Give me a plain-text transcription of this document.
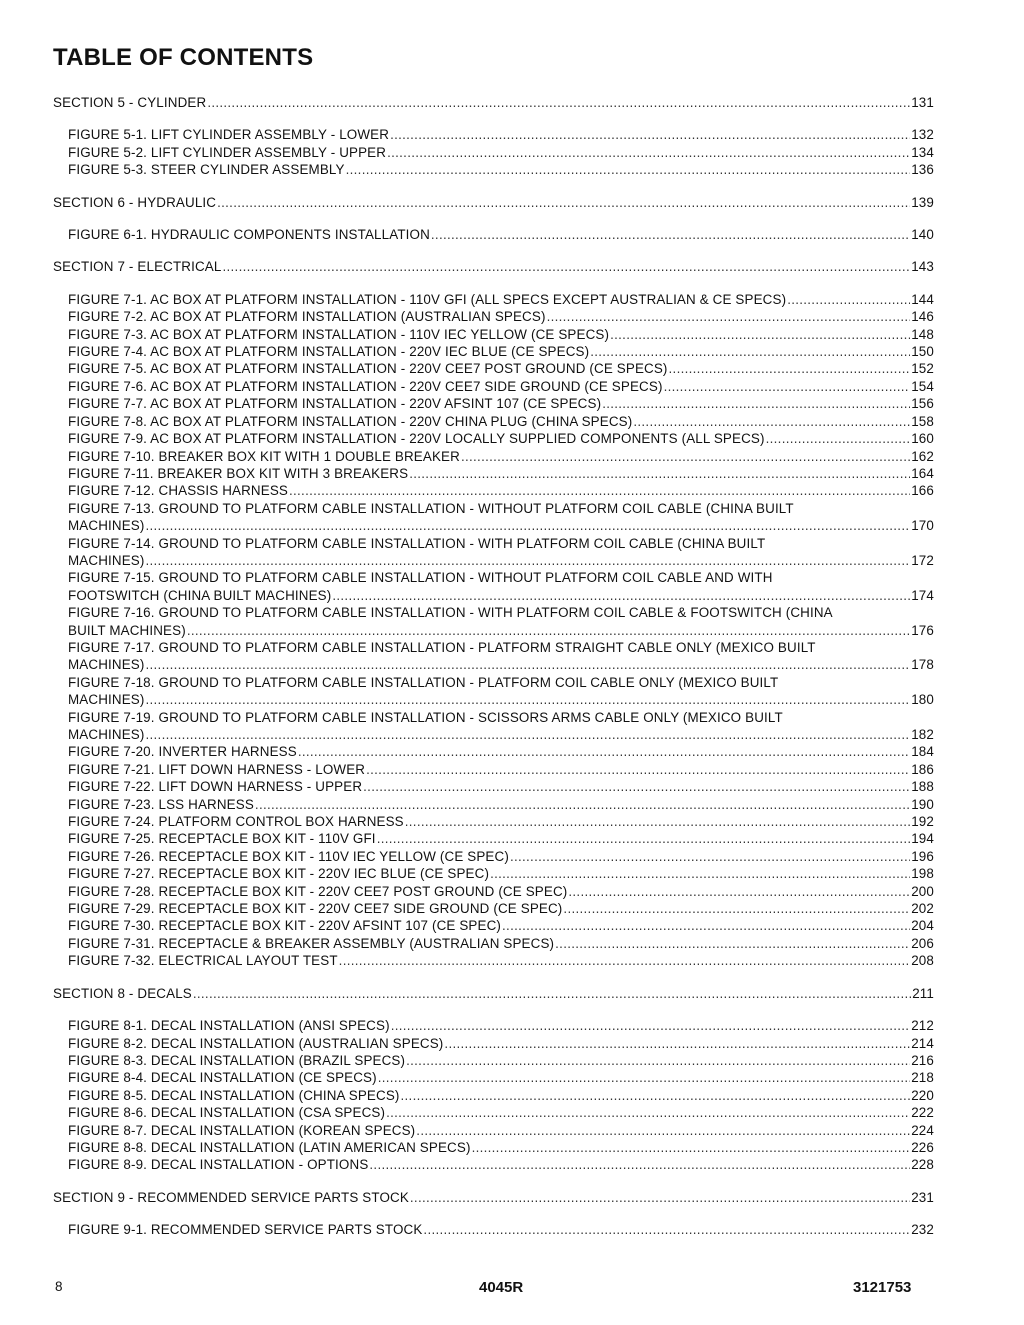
TABLE OF CONTENTS
SECTION 5 - CYLINDER .....	131
FIGURE 5-1. LIFT CYLINDER ASSEMBLY - LOWER .....	132
FIGURE 5-2. LIFT CYLINDER ASSEMBLY - UPPER .....	134
FIGURE 5-3. STEER CYLINDER ASSEMBLY .....	136
SECTION 6 - HYDRAULIC .....	139
FIGURE 6-1. HYDRAULIC COMPONENTS INSTALLATION .....	140
SECTION 7 - ELECTRICAL .....	143
FIGURE 7-1. AC BOX AT PLATFORM INSTALLATION - 110V GFI (ALL SPECS EXCEPT AUSTRALIAN & CE SPECS) .....	144
FIGURE 7-2. AC BOX AT PLATFORM INSTALLATION (AUSTRALIAN SPECS) .....	146
FIGURE 7-3. AC BOX AT PLATFORM INSTALLATION - 110V IEC YELLOW (CE SPECS) .....	148
FIGURE 7-4. AC BOX AT PLATFORM INSTALLATION - 220V IEC BLUE (CE SPECS) .....	150
FIGURE 7-5. AC BOX AT PLATFORM INSTALLATION - 220V CEE7 POST GROUND (CE SPECS) .....	152
FIGURE 7-6. AC BOX AT PLATFORM INSTALLATION - 220V CEE7 SIDE GROUND (CE SPECS) .....	154
FIGURE 7-7. AC BOX AT PLATFORM INSTALLATION - 220V AFSINT 107 (CE SPECS) .....	156
FIGURE 7-8. AC BOX AT PLATFORM INSTALLATION - 220V CHINA PLUG (CHINA SPECS) .....	158
FIGURE 7-9. AC BOX AT PLATFORM INSTALLATION - 220V LOCALLY SUPPLIED COMPONENTS (ALL SPECS) .....	160
FIGURE 7-10. BREAKER BOX KIT WITH 1 DOUBLE BREAKER .....	162
FIGURE 7-11. BREAKER BOX KIT WITH 3 BREAKERS .....	164
FIGURE 7-12. CHASSIS HARNESS .....	166
FIGURE 7-13. GROUND TO PLATFORM CABLE INSTALLATION - WITHOUT PLATFORM COIL CABLE (CHINA BUILT
MACHINES) .....	170
FIGURE 7-14. GROUND TO PLATFORM CABLE INSTALLATION - WITH PLATFORM COIL CABLE (CHINA BUILT
MACHINES) .....	172
FIGURE 7-15. GROUND TO PLATFORM CABLE INSTALLATION - WITHOUT PLATFORM COIL CABLE AND WITH
FOOTSWITCH (CHINA BUILT MACHINES) .....	174
FIGURE 7-16. GROUND TO PLATFORM CABLE INSTALLATION - WITH PLATFORM COIL CABLE & FOOTSWITCH (CHINA
BUILT MACHINES) .....	176
FIGURE 7-17. GROUND TO PLATFORM CABLE INSTALLATION - PLATFORM STRAIGHT CABLE ONLY (MEXICO BUILT
MACHINES) .....	178
FIGURE 7-18. GROUND TO PLATFORM CABLE INSTALLATION - PLATFORM COIL CABLE ONLY (MEXICO BUILT
MACHINES) .....	180
FIGURE 7-19. GROUND TO PLATFORM CABLE INSTALLATION - SCISSORS ARMS CABLE ONLY (MEXICO BUILT
MACHINES) .....	182
FIGURE 7-20. INVERTER HARNESS .....	184
FIGURE 7-21. LIFT DOWN HARNESS - LOWER .....	186
FIGURE 7-22. LIFT DOWN HARNESS - UPPER .....	188
FIGURE 7-23. LSS HARNESS .....	190
FIGURE 7-24. PLATFORM CONTROL BOX HARNESS .....	192
FIGURE 7-25. RECEPTACLE BOX KIT - 110V GFI .....	194
FIGURE 7-26. RECEPTACLE BOX KIT - 110V IEC YELLOW (CE SPEC) .....	196
FIGURE 7-27. RECEPTACLE BOX KIT - 220V IEC BLUE (CE SPEC) .....	198
FIGURE 7-28. RECEPTACLE BOX KIT - 220V CEE7 POST GROUND (CE SPEC) .....	200
FIGURE 7-29. RECEPTACLE BOX KIT - 220V CEE7 SIDE GROUND (CE SPEC) .....	202
FIGURE 7-30. RECEPTACLE BOX KIT - 220V AFSINT 107 (CE SPEC) .....	204
FIGURE 7-31. RECEPTACLE & BREAKER ASSEMBLY (AUSTRALIAN SPECS) .....	206
FIGURE 7-32. ELECTRICAL LAYOUT TEST .....	208
SECTION 8 - DECALS .....	211
FIGURE 8-1. DECAL INSTALLATION (ANSI SPECS) .....	212
FIGURE 8-2. DECAL INSTALLATION (AUSTRALIAN SPECS) .....	214
FIGURE 8-3. DECAL INSTALLATION (BRAZIL SPECS) .....	216
FIGURE 8-4. DECAL INSTALLATION (CE SPECS) .....	218
FIGURE 8-5. DECAL INSTALLATION (CHINA SPECS) .....	220
FIGURE 8-6. DECAL INSTALLATION (CSA SPECS) .....	222
FIGURE 8-7. DECAL INSTALLATION (KOREAN SPECS) .....	224
FIGURE 8-8. DECAL INSTALLATION (LATIN AMERICAN SPECS) .....	226
FIGURE 8-9. DECAL INSTALLATION - OPTIONS .....	228
SECTION 9 - RECOMMENDED SERVICE PARTS STOCK .....	231
FIGURE 9-1. RECOMMENDED SERVICE PARTS STOCK .....	232
8	4045R	3121753
